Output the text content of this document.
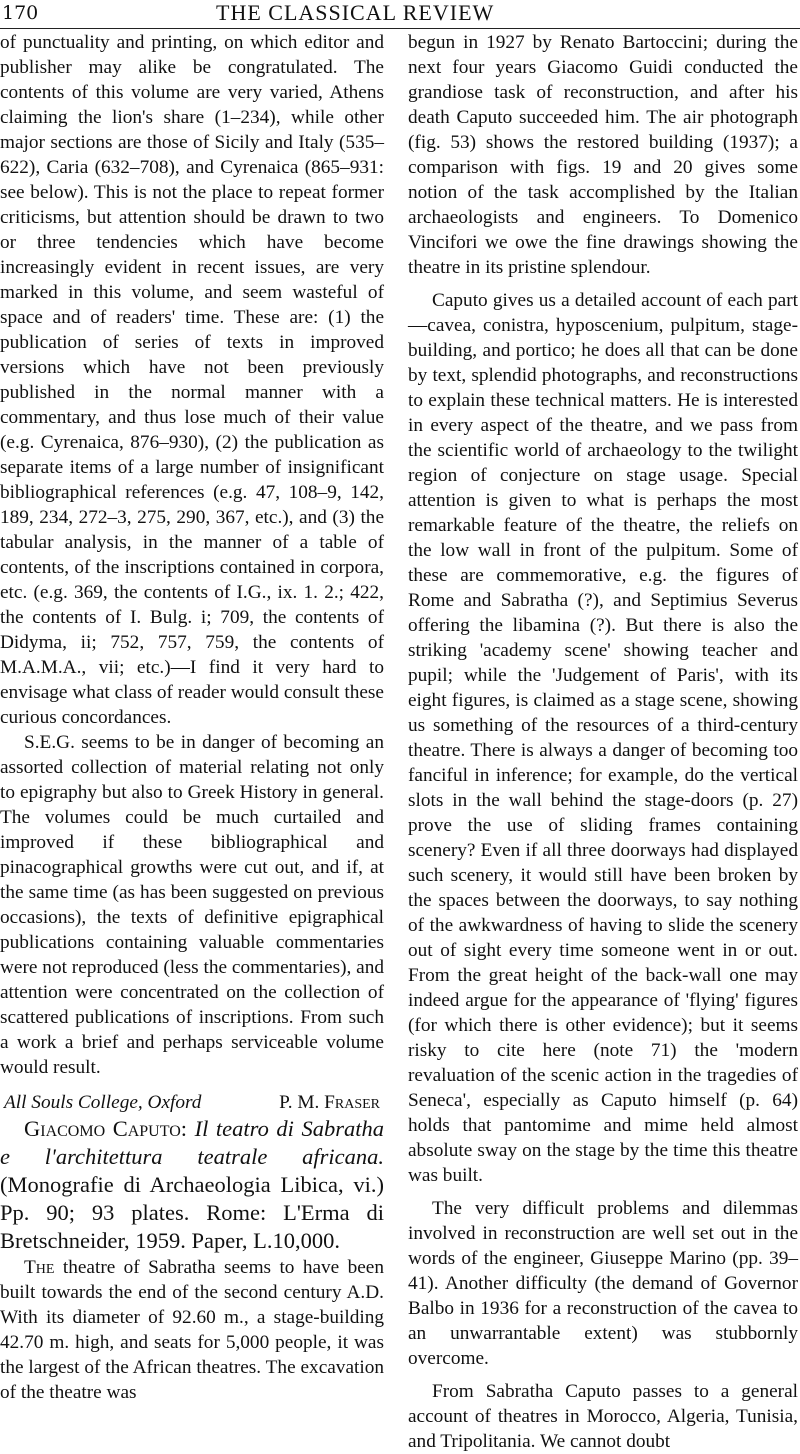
170	THE CLASSICAL REVIEW

of punctuality and printing, on which editor and publisher may alike be congratulated. The contents of this volume are very varied, Athens claiming the lion's share (1–234), while other major sections are those of Sicily and Italy (535–622), Caria (632–708), and Cyrenaica (865–931: see below). This is not the place to repeat former criticisms, but attention should be drawn to two or three tendencies which have become increasingly evident in recent issues, are very marked in this volume, and seem wasteful of space and of readers' time. These are: (1) the publication of series of texts in improved versions which have not been previously published in the normal manner with a commentary, and thus lose much of their value (e.g. Cyrenaica, 876–930), (2) the publication as separate items of a large number of insignificant bibliographical references (e.g. 47, 108–9, 142, 189, 234, 272–3, 275, 290, 367, etc.), and (3) the tabular analysis, in the manner of a table of contents, of the inscriptions contained in corpora, etc. (e.g. 369, the contents of I.G., ix. 1. 2.; 422, the contents of I. Bulg. i; 709, the contents of Didyma, ii; 752, 757, 759, the contents of M.A.M.A., vii; etc.)—I find it very hard to envisage what class of reader would consult these curious concordances.

S.E.G. seems to be in danger of becoming an assorted collection of material relating not only to epigraphy but also to Greek History in general. The volumes could be much curtailed and improved if these bibliographical and pinacographical growths were cut out, and if, at the same time (as has been suggested on previous occasions), the texts of definitive epigraphical publications containing valuable commentaries were not reproduced (less the commentaries), and attention were concentrated on the collection of scattered publications of inscriptions. From such a work a brief and perhaps serviceable volume would result.

All Souls College, Oxford	P. M. Fraser

Giacomo Caputo: Il teatro di Sabratha e l'architettura teatrale africana. (Monografie di Archaeologia Libica, vi.) Pp. 90; 93 plates. Rome: L'Erma di Bretschneider, 1959. Paper, L.10,000.

The theatre of Sabratha seems to have been built towards the end of the second century A.D. With its diameter of 92.60 m., a stage-building 42.70 m. high, and seats for 5,000 people, it was the largest of the African theatres. The excavation of the theatre was

begun in 1927 by Renato Bartoccini; during the next four years Giacomo Guidi conducted the grandiose task of reconstruction, and after his death Caputo succeeded him. The air photograph (fig. 53) shows the restored building (1937); a comparison with figs. 19 and 20 gives some notion of the task accomplished by the Italian archaeologists and engineers. To Domenico Vincifori we owe the fine drawings showing the theatre in its pristine splendour.

Caputo gives us a detailed account of each part—cavea, conistra, hyposcenium, pulpitum, stage-building, and portico; he does all that can be done by text, splendid photographs, and reconstructions to explain these technical matters. He is interested in every aspect of the theatre, and we pass from the scientific world of archaeology to the twilight region of conjecture on stage usage. Special attention is given to what is perhaps the most remarkable feature of the theatre, the reliefs on the low wall in front of the pulpitum. Some of these are commemorative, e.g. the figures of Rome and Sabratha (?), and Septimius Severus offering the libamina (?). But there is also the striking 'academy scene' showing teacher and pupil; while the 'Judgement of Paris', with its eight figures, is claimed as a stage scene, showing us something of the resources of a third-century theatre. There is always a danger of becoming too fanciful in inference; for example, do the vertical slots in the wall behind the stage-doors (p. 27) prove the use of sliding frames containing scenery? Even if all three doorways had displayed such scenery, it would still have been broken by the spaces between the doorways, to say nothing of the awkwardness of having to slide the scenery out of sight every time someone went in or out. From the great height of the back-wall one may indeed argue for the appearance of 'flying' figures (for which there is other evidence); but it seems risky to cite here (note 71) the 'modern revaluation of the scenic action in the tragedies of Seneca', especially as Caputo himself (p. 64) holds that pantomime and mime held almost absolute sway on the stage by the time this theatre was built.

The very difficult problems and dilemmas involved in reconstruction are well set out in the words of the engineer, Giuseppe Marino (pp. 39–41). Another difficulty (the demand of Governor Balbo in 1936 for a reconstruction of the cavea to an unwarrantable extent) was stubbornly overcome.

From Sabratha Caputo passes to a general account of theatres in Morocco, Algeria, Tunisia, and Tripolitania. We cannot doubt
